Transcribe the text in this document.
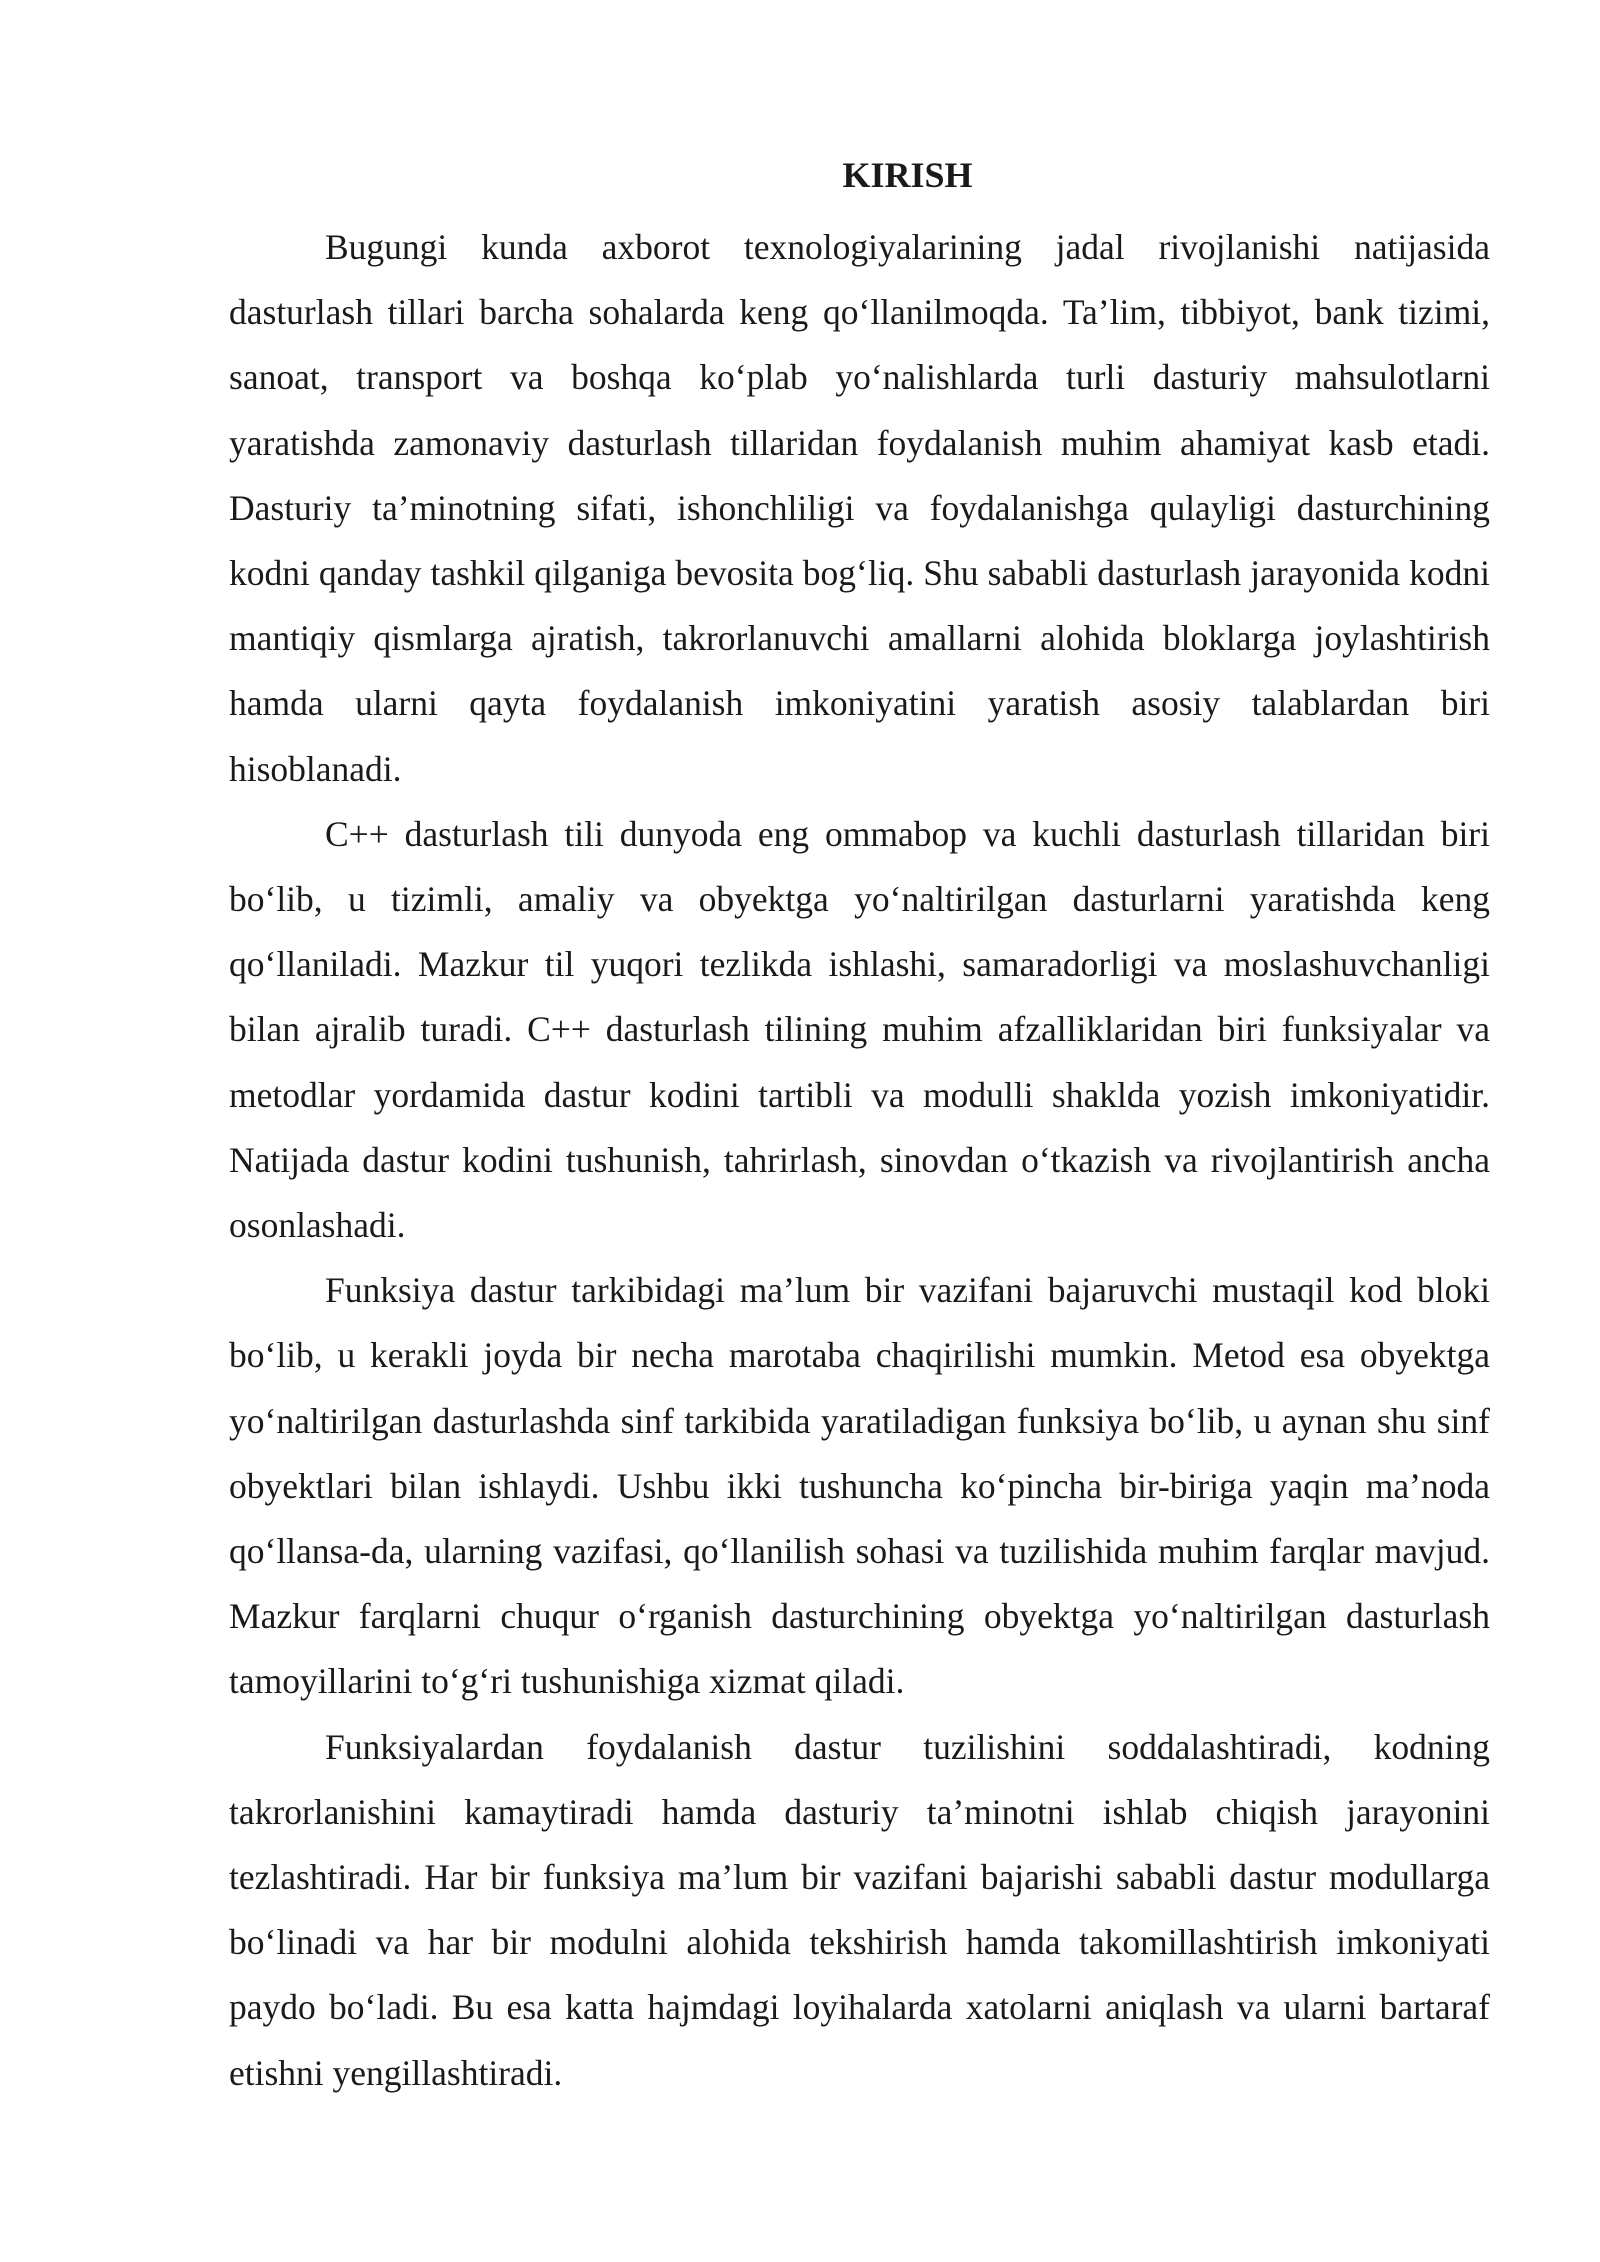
KIRISH

Bugungi kunda axborot texnologiyalarining jadal rivojlanishi natijasida dasturlash tillari barcha sohalarda keng qo‘llanilmoqda. Ta’lim, tibbiyot, bank tizimi, sanoat, transport va boshqa ko‘plab yo‘nalishlarda turli dasturiy mahsulotlarni yaratishda zamonaviy dasturlash tillaridan foydalanish muhim ahamiyat kasb etadi. Dasturiy ta’minotning sifati, ishonchliligi va foydalanishga qulayligi dasturchining kodni qanday tashkil qilganiga bevosita bog‘liq. Shu sababli dasturlash jarayonida kodni mantiqiy qismlarga ajratish, takrorlanuvchi amallarni alohida bloklarga joylashtirish hamda ularni qayta foydalanish imkoniyatini yaratish asosiy talablardan biri hisoblanadi.

C++ dasturlash tili dunyoda eng ommabop va kuchli dasturlash tillaridan biri bo‘lib, u tizimli, amaliy va obyektga yo‘naltirilgan dasturlarni yaratishda keng qo‘llaniladi. Mazkur til yuqori tezlikda ishlashi, samaradorligi va moslashuvchanligi bilan ajralib turadi. C++ dasturlash tilining muhim afzalliklaridan biri funksiyalar va metodlar yordamida dastur kodini tartibli va modulli shaklda yozish imkoniyatidir. Natijada dastur kodini tushunish, tahrirlash, sinovdan o‘tkazish va rivojlantirish ancha osonlashadi.

Funksiya dastur tarkibidagi ma’lum bir vazifani bajaruvchi mustaqil kod bloki bo‘lib, u kerakli joyda bir necha marotaba chaqirilishi mumkin. Metod esa obyektga yo‘naltirilgan dasturlashda sinf tarkibida yaratiladigan funksiya bo‘lib, u aynan shu sinf obyektlari bilan ishlaydi. Ushbu ikki tushuncha ko‘pincha bir-biriga yaqin ma’noda qo‘llansa-da, ularning vazifasi, qo‘llanilish sohasi va tuzilishida muhim farqlar mavjud. Mazkur farqlarni chuqur o‘rganish dasturchining obyektga yo‘naltirilgan dasturlash tamoyillarini to‘g‘ri tushunishiga xizmat qiladi.

Funksiyalardan foydalanish dastur tuzilishini soddalashtiradi, kodning takrorlanishini kamaytiradi hamda dasturiy ta’minotni ishlab chiqish jarayonini tezlashtiradi. Har bir funksiya ma’lum bir vazifani bajarishi sababli dastur modullarga bo‘linadi va har bir modulni alohida tekshirish hamda takomillashtirish imkoniyati paydo bo‘ladi. Bu esa katta hajmdagi loyihalarda xatolarni aniqlash va ularni bartaraf etishni yengillashtiradi.
